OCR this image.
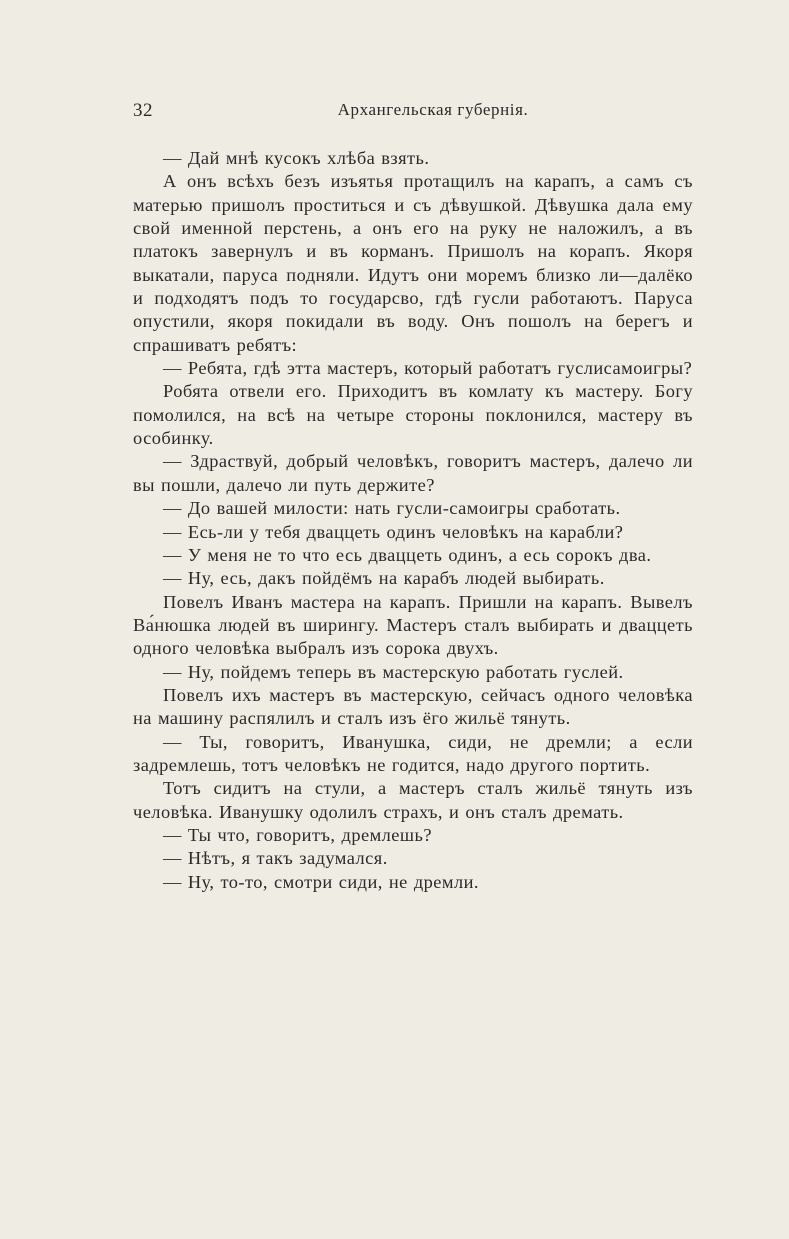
32	Архангельская губернія.

— Дай мнѣ кусокъ хлѣба взять.

А онъ всѣхъ безъ изъятья протащилъ на карапъ, а самъ съ матерью пришолъ проститься и съ дѣвушкой. Дѣвушка дала ему свой именной перстень, а онъ его на руку не наложилъ, а въ платокъ завернулъ и въ корманъ. Пришолъ на корапъ. Якоря выкатали, паруса подняли. Идутъ они моремъ близко ли—далёко и подходятъ подъ то государсво, гдѣ гусли работаютъ. Паруса опустили, якоря покидали въ воду. Онъ пошолъ на берегъ и спрашиватъ ребятъ:

— Ребята, гдѣ этта мастеръ, который работатъ гуслисамоигры?

Робята отвели его. Приходитъ въ комлату къ мастеру. Богу помолился, на всѣ на четыре стороны поклонился, мастеру въ особинку.

— Здраствуй, добрый человѣкъ, говоритъ мастеръ, далечо ли вы пошли, далечо ли путь держите?

— До вашей милости: нать гусли-самоигры сработать.

— Есь-ли у тебя дваццеть одинъ человѣкъ на карабли?

— У меня не то что есь дваццеть одинъ, а есь сорокъ два.

— Ну, есь, дакъ пойдёмъ на карабъ людей выбирать.

Повелъ Иванъ мастера на карапъ. Пришли на карапъ. Вывелъ Ва́нюшка людей въ ширингу. Мастеръ сталъ выбирать и дваццеть одного человѣка выбралъ изъ сорока двухъ.

— Ну, пойдемъ теперь въ мастерскую работать гуслей.

Повелъ ихъ мастеръ въ мастерскую, сейчасъ одного человѣка на машину распялилъ и сталъ изъ ёго жильё тянуть.

— Ты, говоритъ, Иванушка, сиди, не дремли; а если задремлешь, тотъ человѣкъ не годится, надо другого портить.

Тотъ сидитъ на стули, а мастеръ сталъ жильё тянуть изъ человѣка. Иванушку одолилъ страхъ, и онъ сталъ дремать.

— Ты что, говоритъ, дремлешь?

— Нѣтъ, я такъ задумался.

— Ну, то-то, смотри сиди, не дремли.
